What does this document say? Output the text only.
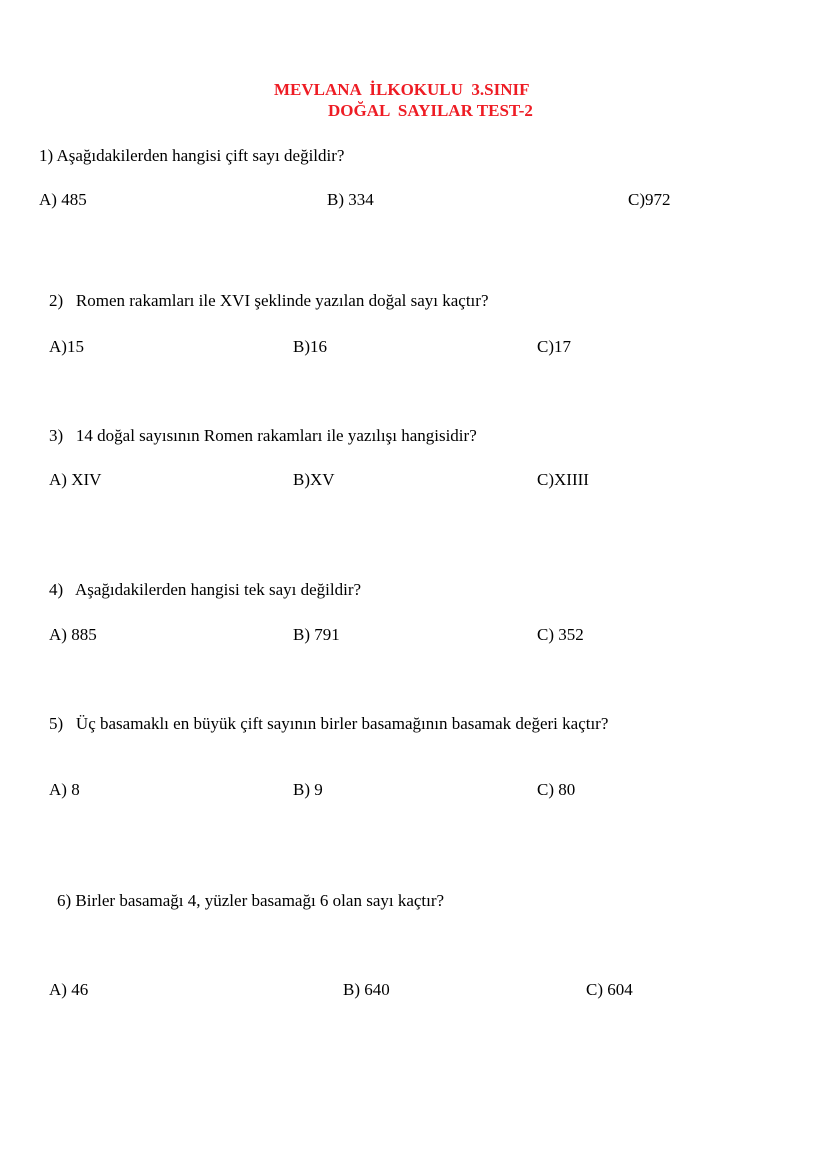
MEVLANA  İLKOKULU  3.SINIF
DOĞAL  SAYILAR TEST-2
1) Aşağıdakilerden hangisi çift sayı değildir?
A) 485	B) 334	C)972
2)   Romen rakamları ile XVI şeklinde yazılan doğal sayı kaçtır?
A)15	B)16	C)17
3)   14 doğal sayısının Romen rakamları ile yazılışı hangisidir?
A) XIV	B)XV	C)XIIII
4)   Aşağıdakilerden hangisi tek sayı değildir?
A) 885	B) 791	C) 352
5)   Üç basamaklı en büyük çift sayının birler basamağının basamak değeri kaçtır?
A) 8	B) 9	C) 80
6) Birler basamağı 4, yüzler basamağı 6 olan sayı kaçtır?
A) 46	B) 640	C) 604
